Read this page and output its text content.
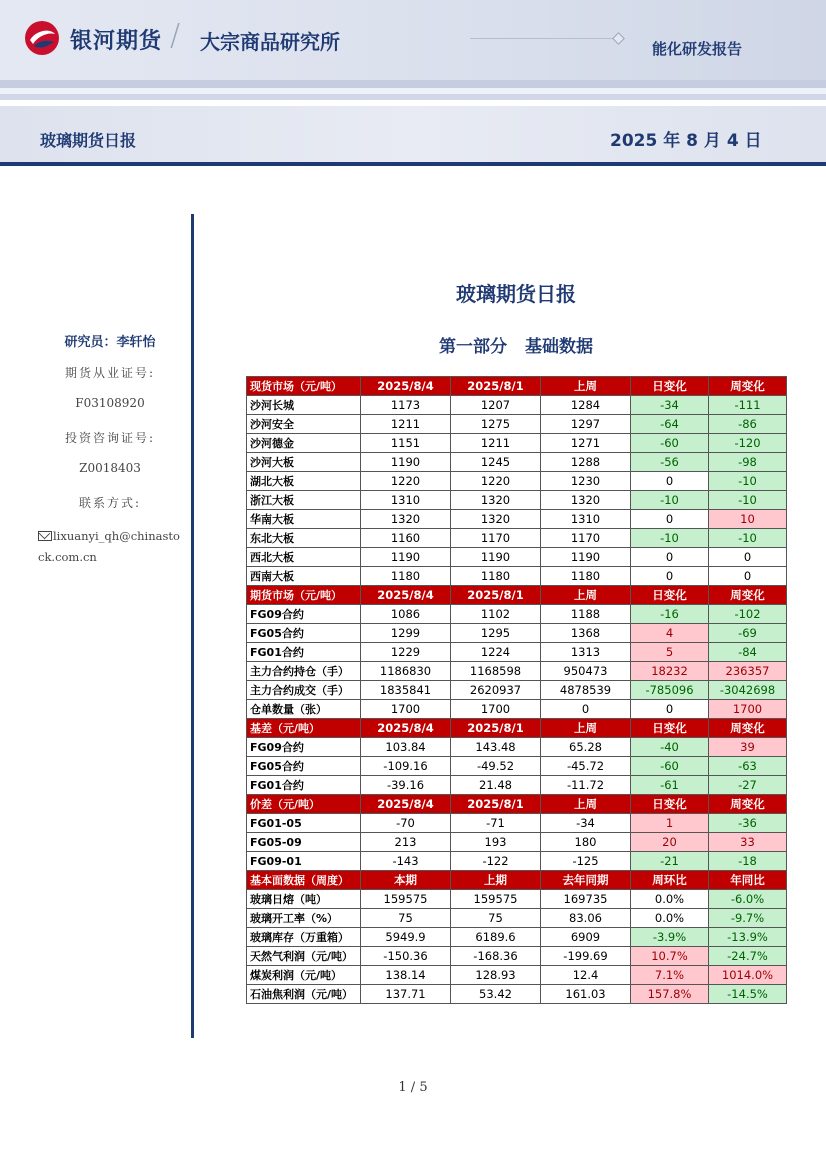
银河期货 / 大宗商品研究所	能化研发报告
玻璃期货日报	2025 年 8 月 4 日
研究员：李轩怡
期货从业证号:
F03108920
投资咨询证号:
Z0018403
联系方式:
lixuanyi_qh@chinastock.com.cn
玻璃期货日报
第一部分 基础数据
现货市场（元/吨）	2025/8/4	2025/8/1	上周	日变化	周变化
沙河长城	1173	1207	1284	-34	-111
沙河安全	1211	1275	1297	-64	-86
沙河德金	1151	1211	1271	-60	-120
沙河大板	1190	1245	1288	-56	-98
湖北大板	1220	1220	1230	0	-10
浙江大板	1310	1320	1320	-10	-10
华南大板	1320	1320	1310	0	10
东北大板	1160	1170	1170	-10	-10
西北大板	1190	1190	1190	0	0
西南大板	1180	1180	1180	0	0
期货市场（元/吨）	2025/8/4	2025/8/1	上周	日变化	周变化
FG09合约	1086	1102	1188	-16	-102
FG05合约	1299	1295	1368	4	-69
FG01合约	1229	1224	1313	5	-84
主力合约持仓（手）	1186830	1168598	950473	18232	236357
主力合约成交（手）	1835841	2620937	4878539	-785096	-3042698
仓单数量（张）	1700	1700	0	0	1700
基差（元/吨）	2025/8/4	2025/8/1	上周	日变化	周变化
FG09合约	103.84	143.48	65.28	-40	39
FG05合约	-109.16	-49.52	-45.72	-60	-63
FG01合约	-39.16	21.48	-11.72	-61	-27
价差（元/吨）	2025/8/4	2025/8/1	上周	日变化	周变化
FG01-05	-70	-71	-34	1	-36
FG05-09	213	193	180	20	33
FG09-01	-143	-122	-125	-21	-18
基本面数据（周度）	本期	上期	去年同期	周环比	年同比
玻璃日熔（吨）	159575	159575	169735	0.0%	-6.0%
玻璃开工率（%）	75	75	83.06	0.0%	-9.7%
玻璃库存（万重箱）	5949.9	6189.6	6909	-3.9%	-13.9%
天然气利润（元/吨）	-150.36	-168.36	-199.69	10.7%	-24.7%
煤炭利润（元/吨）	138.14	128.93	12.4	7.1%	1014.0%
石油焦利润（元/吨）	137.71	53.42	161.03	157.8%	-14.5%
1 / 5
